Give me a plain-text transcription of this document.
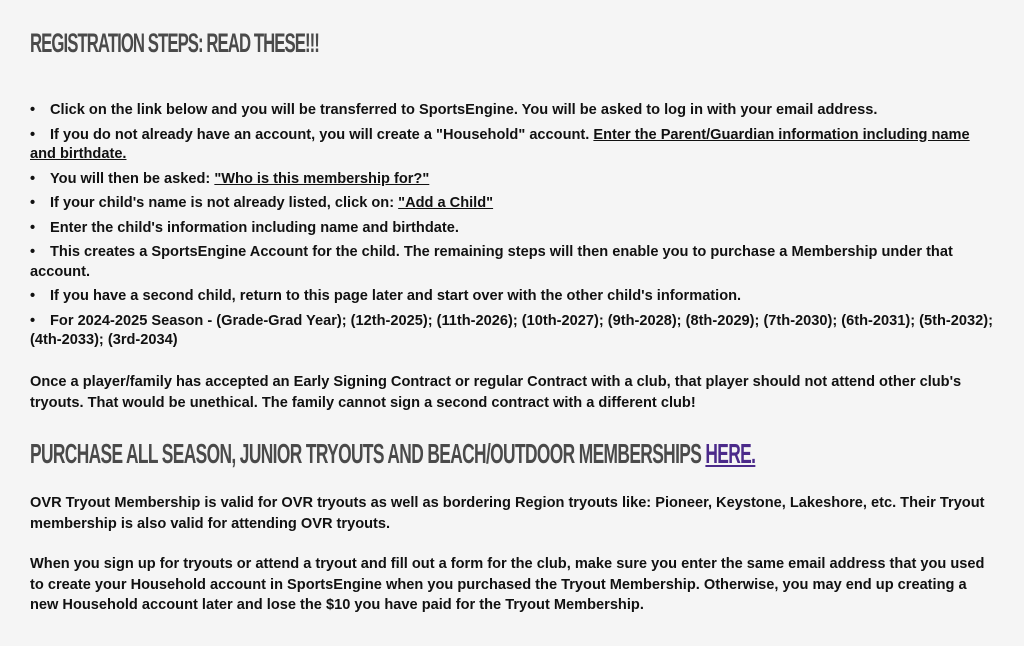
REGISTRATION STEPS: READ THESE!!!
• Click on the link below and you will be transferred to SportsEngine. You will be asked to log in with your email address.
• If you do not already have an account, you will create a "Household" account. Enter the Parent/Guardian information including name and birthdate.
• You will then be asked: "Who is this membership for?"
• If your child's name is not already listed, click on: "Add a Child"
• Enter the child's information including name and birthdate.
• This creates a SportsEngine Account for the child. The remaining steps will then enable you to purchase a Membership under that account.
• If you have a second child, return to this page later and start over with the other child's information.
• For 2024-2025 Season - (Grade-Grad Year); (12th-2025); (11th-2026); (10th-2027); (9th-2028); (8th-2029); (7th-2030); (6th-2031); (5th-2032); (4th-2033); (3rd-2034)

Once a player/family has accepted an Early Signing Contract or regular Contract with a club, that player should not attend other club's tryouts. That would be unethical. The family cannot sign a second contract with a different club!

PURCHASE ALL SEASON, JUNIOR TRYOUTS AND BEACH/OUTDOOR MEMBERSHIPS HERE.

OVR Tryout Membership is valid for OVR tryouts as well as bordering Region tryouts like: Pioneer, Keystone, Lakeshore, etc. Their Tryout membership is also valid for attending OVR tryouts.

When you sign up for tryouts or attend a tryout and fill out a form for the club, make sure you enter the same email address that you used to create your Household account in SportsEngine when you purchased the Tryout Membership. Otherwise, you may end up creating a new Household account later and lose the $10 you have paid for the Tryout Membership.
